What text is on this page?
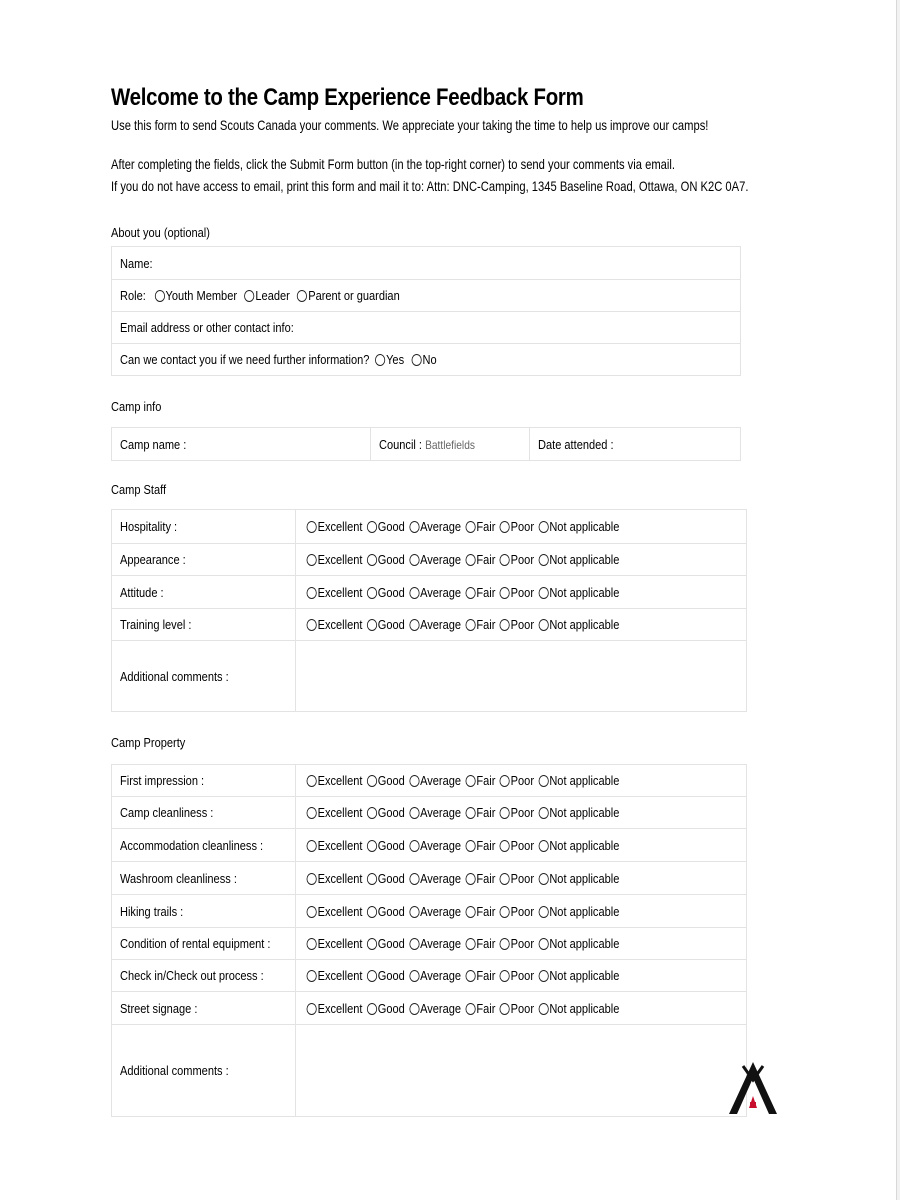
Welcome to the Camp Experience Feedback Form
Use this form to send Scouts Canada your comments. We appreciate your taking the time to help us improve our camps!
After completing the fields, click the Submit Form button (in the top-right corner) to send your comments via email.
If you do not have access to email, print this form and mail it to: Attn: DNC-Camping, 1345 Baseline Road, Ottawa, ON K2C 0A7.
About you (optional)
Name:
Role: Youth Member Leader Parent or guardian
Email address or other contact info:
Can we contact you if we need further information? Yes No
Camp info
Camp name :	Council : Battlefields	Date attended :
Camp Staff
Hospitality :	Excellent Good Average Fair Poor Not applicable
Appearance :	Excellent Good Average Fair Poor Not applicable
Attitude :	Excellent Good Average Fair Poor Not applicable
Training level :	Excellent Good Average Fair Poor Not applicable
Additional comments :	
Camp Property
First impression :	Excellent Good Average Fair Poor Not applicable
Camp cleanliness :	Excellent Good Average Fair Poor Not applicable
Accommodation cleanliness :	Excellent Good Average Fair Poor Not applicable
Washroom cleanliness :	Excellent Good Average Fair Poor Not applicable
Hiking trails :	Excellent Good Average Fair Poor Not applicable
Condition of rental equipment :	Excellent Good Average Fair Poor Not applicable
Check in/Check out process :	Excellent Good Average Fair Poor Not applicable
Street signage :	Excellent Good Average Fair Poor Not applicable
Additional comments :	
